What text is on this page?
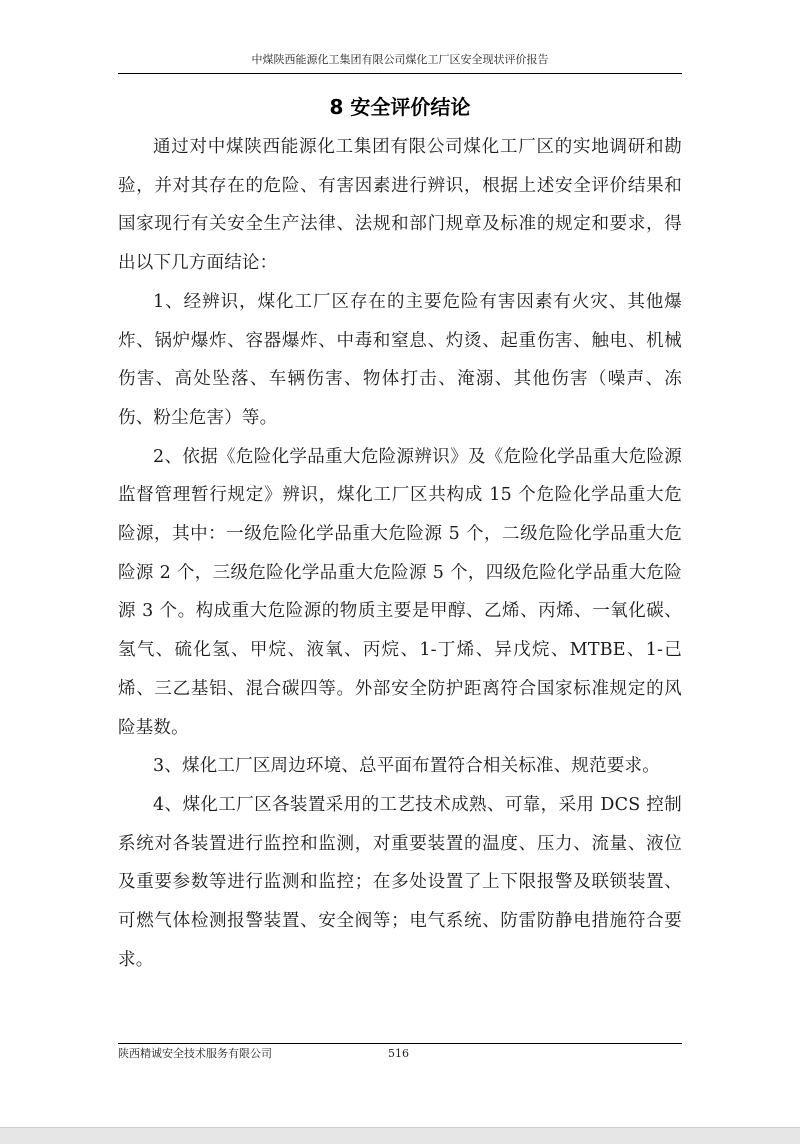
中煤陕西能源化工集团有限公司煤化工厂区安全现状评价报告
8 安全评价结论

通过对中煤陕西能源化工集团有限公司煤化工厂区的实地调研和勘验，并对其存在的危险、有害因素进行辨识，根据上述安全评价结果和国家现行有关安全生产法律、法规和部门规章及标准的规定和要求，得出以下几方面结论：

1、经辨识，煤化工厂区存在的主要危险有害因素有火灾、其他爆炸、锅炉爆炸、容器爆炸、中毒和窒息、灼烫、起重伤害、触电、机械伤害、高处坠落、车辆伤害、物体打击、淹溺、其他伤害（噪声、冻伤、粉尘危害）等。

2、依据《危险化学品重大危险源辨识》及《危险化学品重大危险源监督管理暂行规定》辨识，煤化工厂区共构成 15 个危险化学品重大危险源，其中：一级危险化学品重大危险源 5 个，二级危险化学品重大危险源 2 个，三级危险化学品重大危险源 5 个，四级危险化学品重大危险源 3 个。构成重大危险源的物质主要是甲醇、乙烯、丙烯、一氧化碳、氢气、硫化氢、甲烷、液氧、丙烷、1-丁烯、异戊烷、MTBE、1-己烯、三乙基铝、混合碳四等。外部安全防护距离符合国家标准规定的风险基数。

3、煤化工厂区周边环境、总平面布置符合相关标准、规范要求。

4、煤化工厂区各装置采用的工艺技术成熟、可靠，采用 DCS 控制系统对各装置进行监控和监测，对重要装置的温度、压力、流量、液位及重要参数等进行监测和监控；在多处设置了上下限报警及联锁装置、可燃气体检测报警装置、安全阀等；电气系统、防雷防静电措施符合要求。

陕西精诚安全技术服务有限公司	516
